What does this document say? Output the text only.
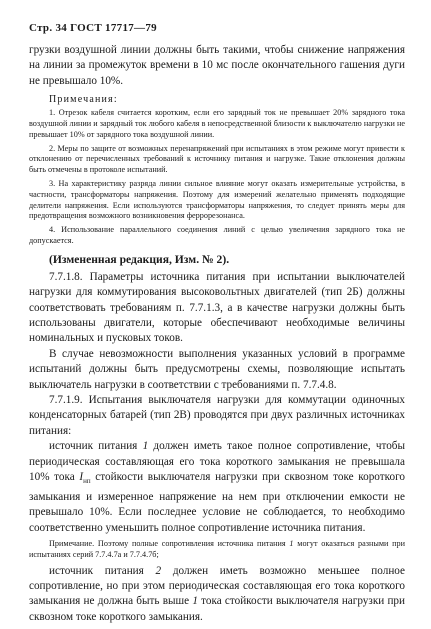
Стр. 34 ГОСТ 17717—79

грузки воздушной линии должны быть такими, чтобы снижение напряжения на линии за промежуток времени в 10 мс после окончательного гашения дуги не превышало 10%.

Примечания:

1. Отрезок кабеля считается коротким, если его зарядный ток не превышает 20% зарядного тока воздушной линии и зарядный ток любого кабеля в непосредственной близости к выключателю нагрузки не превышает 10% от зарядного тока воздушной линии.

2. Меры по защите от возможных перенапряжений при испытаниях в этом режиме могут привести к отклонению от перечисленных требований к источнику питания и нагрузке. Такие отклонения должны быть отмечены в протоколе испытаний.

3. На характеристику разряда линии сильное влияние могут оказать измерительные устройства, в частности, трансформаторы напряжения. Поэтому для измерений желательно применять подходящие делители напряжения. Если используются трансформаторы напряжения, то следует принять меры для предотвращения возможного возникновения феррорезонанса.

4. Использование параллельного соединения линий с целью увеличения зарядного тока не допускается.

(Измененная редакция, Изм. № 2).

7.7.1.8. Параметры источника питания при испытании выключателей нагрузки для коммутирования высоковольтных двигателей (тип 2Б) должны соответствовать требованиям п. 7.7.1.3, а в качестве нагрузки должны быть использованы двигатели, которые обеспечивают необходимые величины номинальных и пусковых токов.

В случае невозможности выполнения указанных условий в программе испытаний должны быть предусмотрены схемы, позволяющие испытать выключатель нагрузки в соответствии с требованиями п. 7.7.4.8.

7.7.1.9. Испытания выключателя нагрузки для коммутации одиночных конденсаторных батарей (тип 2В) проводятся при двух различных источниках питания:

источник питания 1 должен иметь такое полное сопротивление, чтобы периодическая составляющая его тока короткого замыкания не превышала 10% тока $I_{нп}$ стойкости выключателя нагрузки при сквозном токе короткого замыкания и измеренное напряжение на нем при отключении емкости не превышало 10%. Если последнее условие не соблюдается, то необходимо соответственно уменьшить полное сопротивление источника питания.

Примечание. Поэтому полные сопротивления источника питания 1 могут оказаться разными при испытаниях серий 7.7.4.7а и 7.7.4.7б;

источник питания 2 должен иметь возможно меньшее полное сопротивление, но при этом периодическая составляющая его тока короткого замыкания не должна быть выше 1 тока стойкости выключателя нагрузки при сквозном токе короткого замыкания.
